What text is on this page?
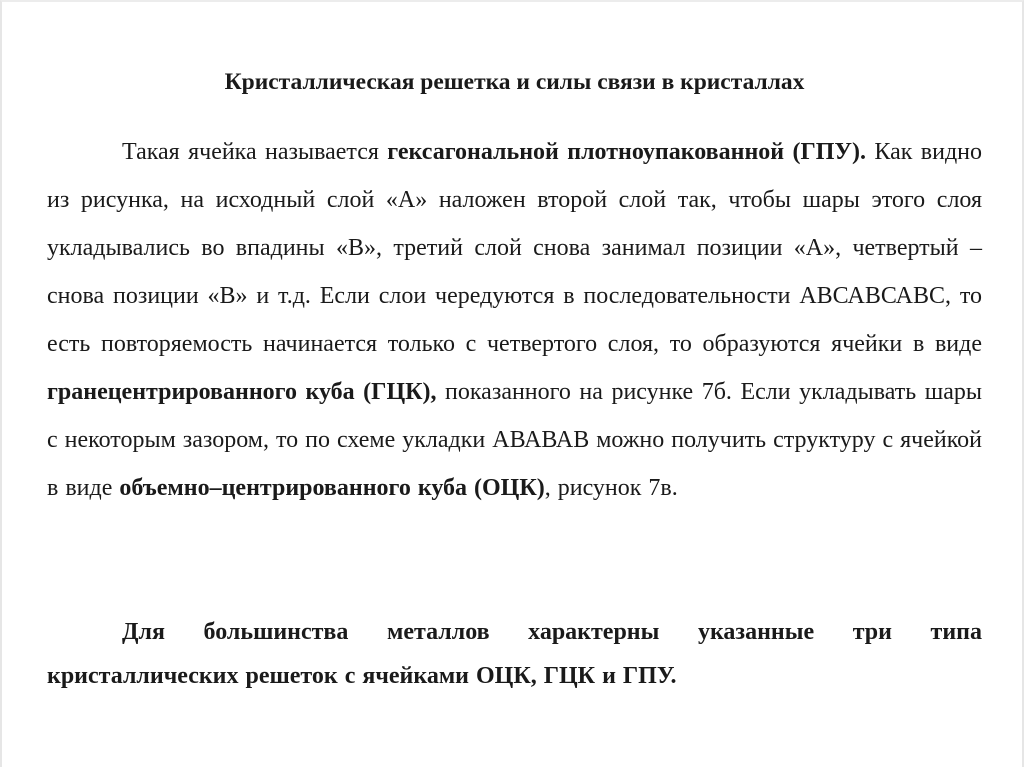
Кристаллическая решетка и силы связи в кристаллах

Такая ячейка называется гексагональной плотноупакованной (ГПУ). Как видно из рисунка, на исходный слой «А» наложен второй слой так, чтобы шары этого слоя укладывались во впадины «В», третий слой снова занимал позиции «А», четвертый – снова позиции «В» и т.д. Если слои чередуются в последовательности АВСАВСАВС, то есть повторяемость начинается только с четвертого слоя, то образуются ячейки в виде гранецентрированного куба (ГЦК), показанного на рисунке 7б. Если укладывать шары с некоторым зазором, то по схеме укладки АВАВАВ можно получить структуру с ячейкой в виде объемно–центрированного куба (ОЦК), рисунок 7в.

Для большинства металлов характерны указанные три типа кристаллических решеток с ячейками ОЦК, ГЦК и ГПУ.
